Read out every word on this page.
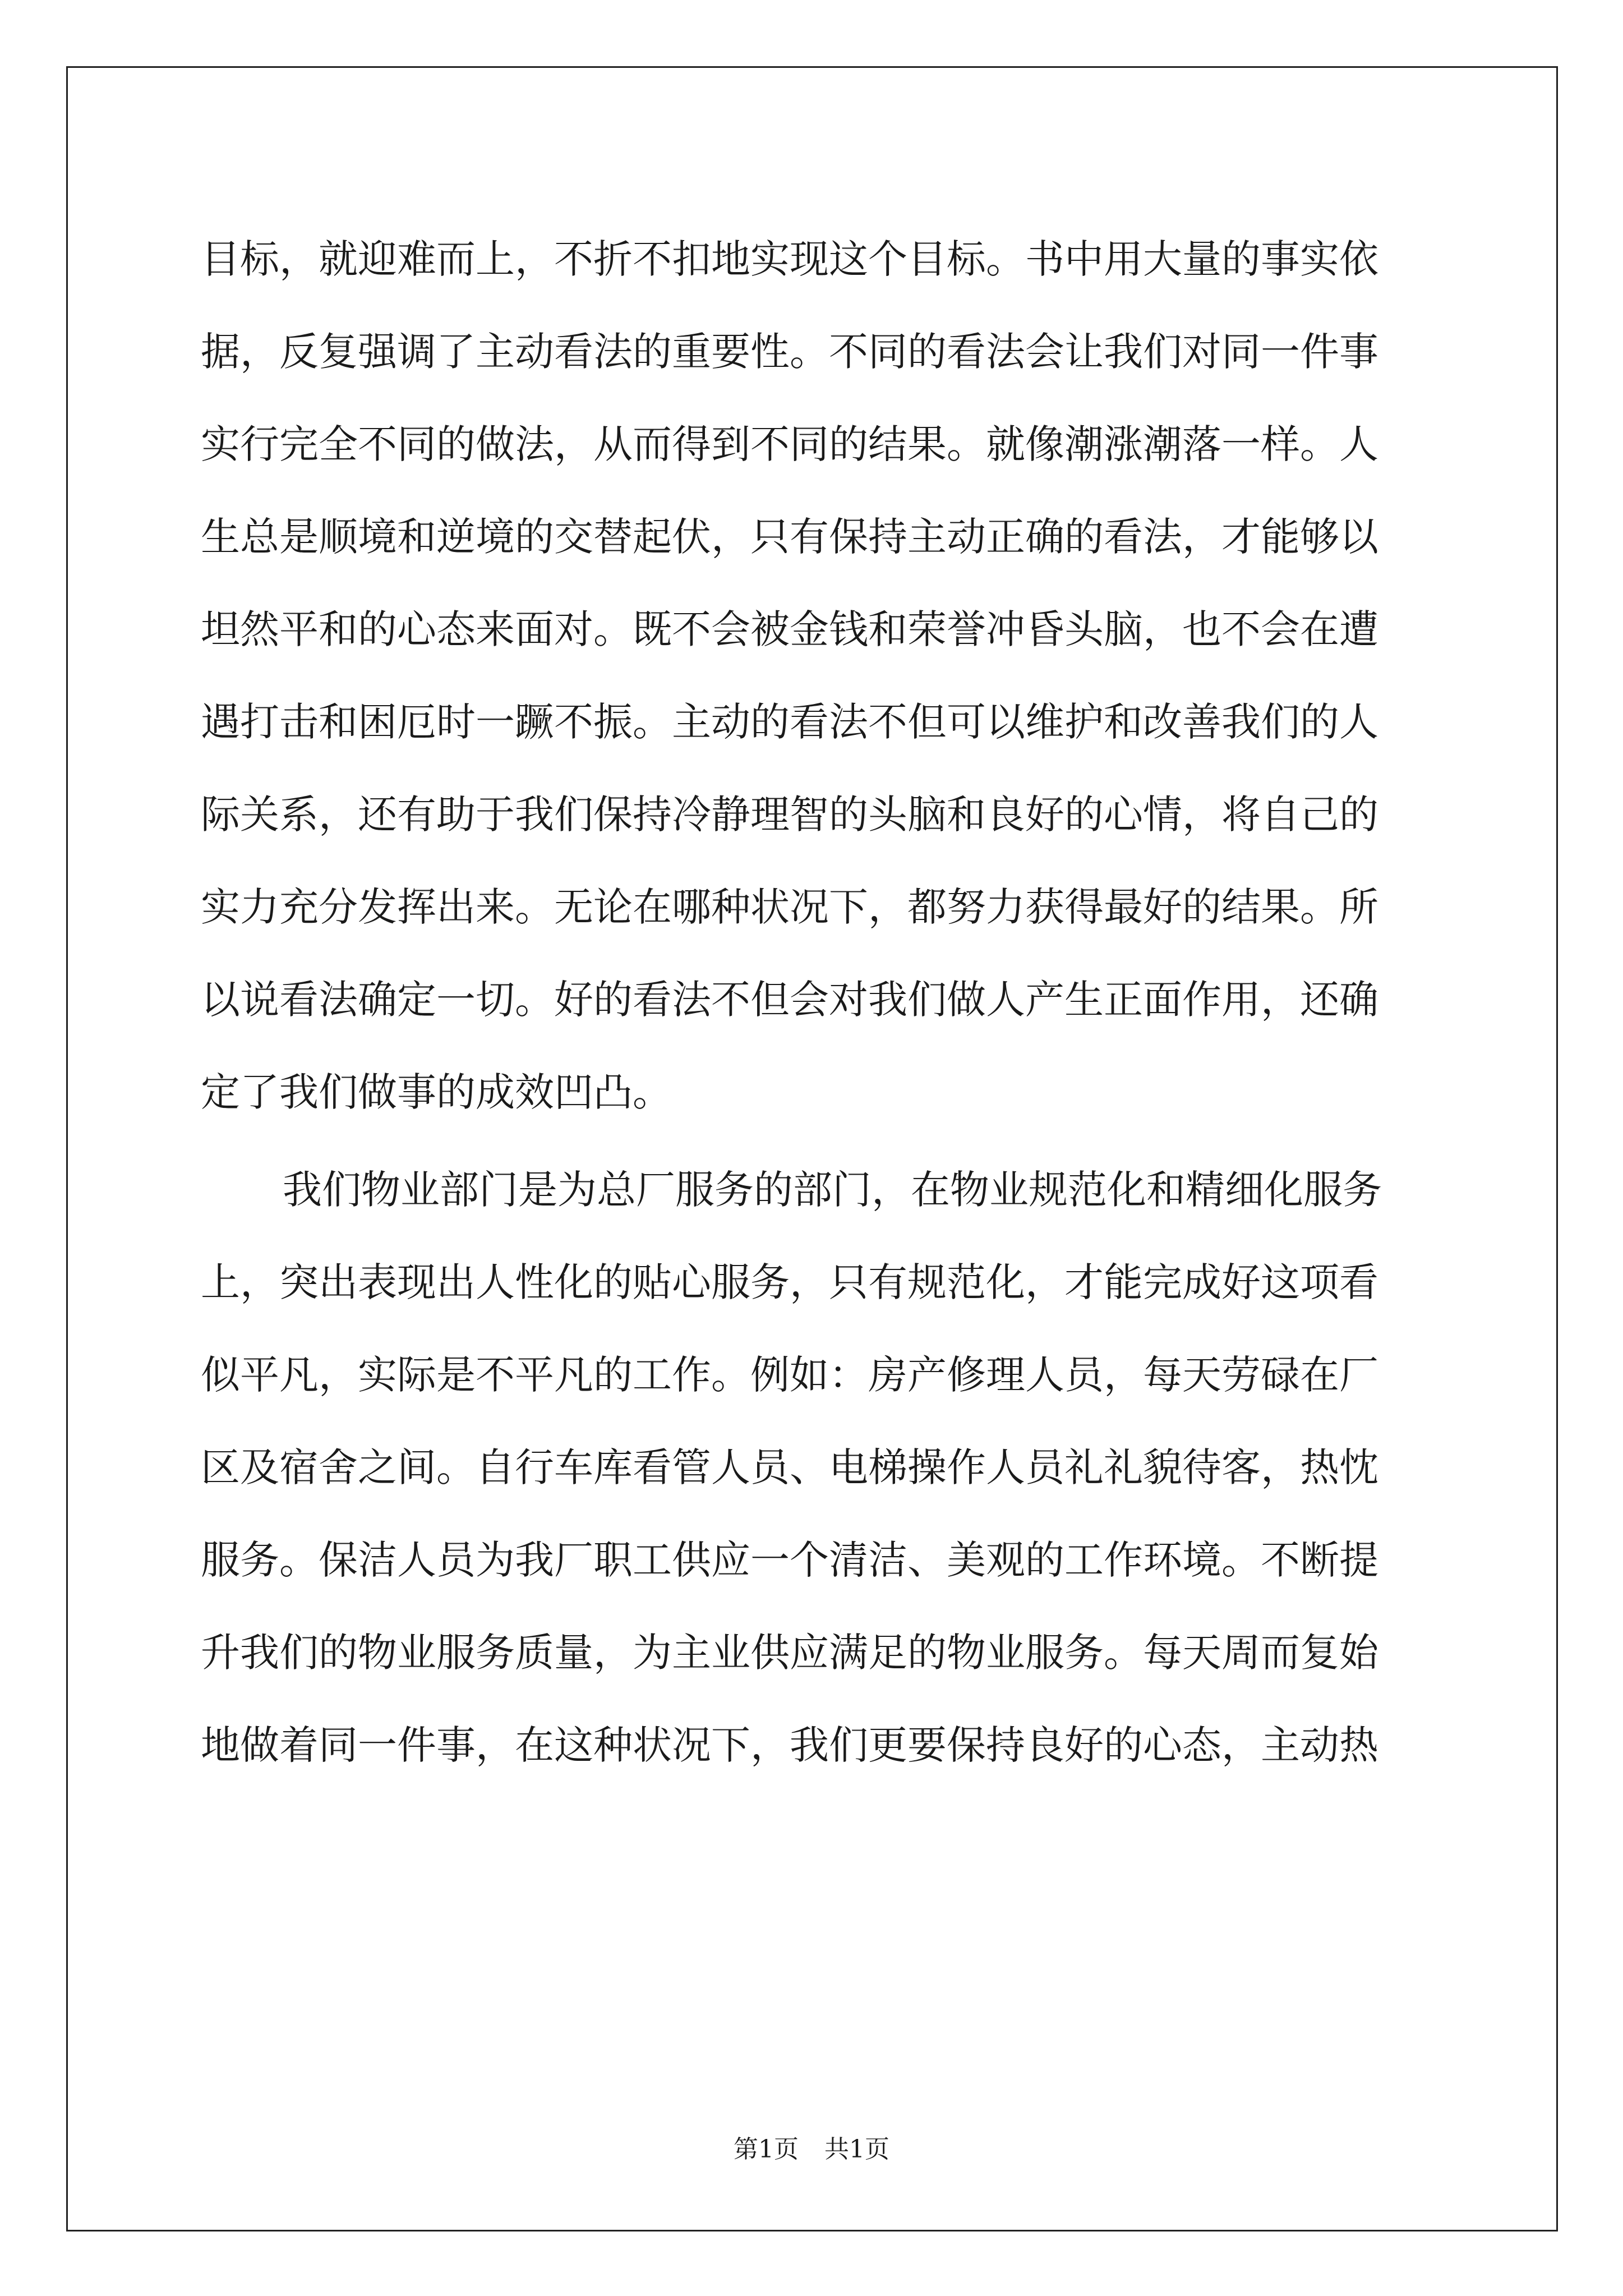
目标，就迎难而上，不折不扣地实现这个目标。书中用大量的事实依
据，反复强调了主动看法的重要性。不同的看法会让我们对同一件事
实行完全不同的做法，从而得到不同的结果。就像潮涨潮落一样。人
生总是顺境和逆境的交替起伏，只有保持主动正确的看法，才能够以
坦然平和的心态来面对。既不会被金钱和荣誉冲昏头脑，也不会在遭
遇打击和困厄时一蹶不振。主动的看法不但可以维护和改善我们的人
际关系，还有助于我们保持冷静理智的头脑和良好的心情，将自己的
实力充分发挥出来。无论在哪种状况下，都努力获得最好的结果。所
以说看法确定一切。好的看法不但会对我们做人产生正面作用，还确
定了我们做事的成效凹凸。
我们物业部门是为总厂服务的部门，在物业规范化和精细化服务
上，突出表现出人性化的贴心服务，只有规范化，才能完成好这项看
似平凡，实际是不平凡的工作。例如：房产修理人员，每天劳碌在厂
区及宿舍之间。自行车库看管人员、电梯操作人员礼礼貌待客，热忱
服务。保洁人员为我厂职工供应一个清洁、美观的工作环境。不断提
升我们的物业服务质量，为主业供应满足的物业服务。每天周而复始
地做着同一件事，在这种状况下，我们更要保持良好的心态，主动热
第1页 共1页
